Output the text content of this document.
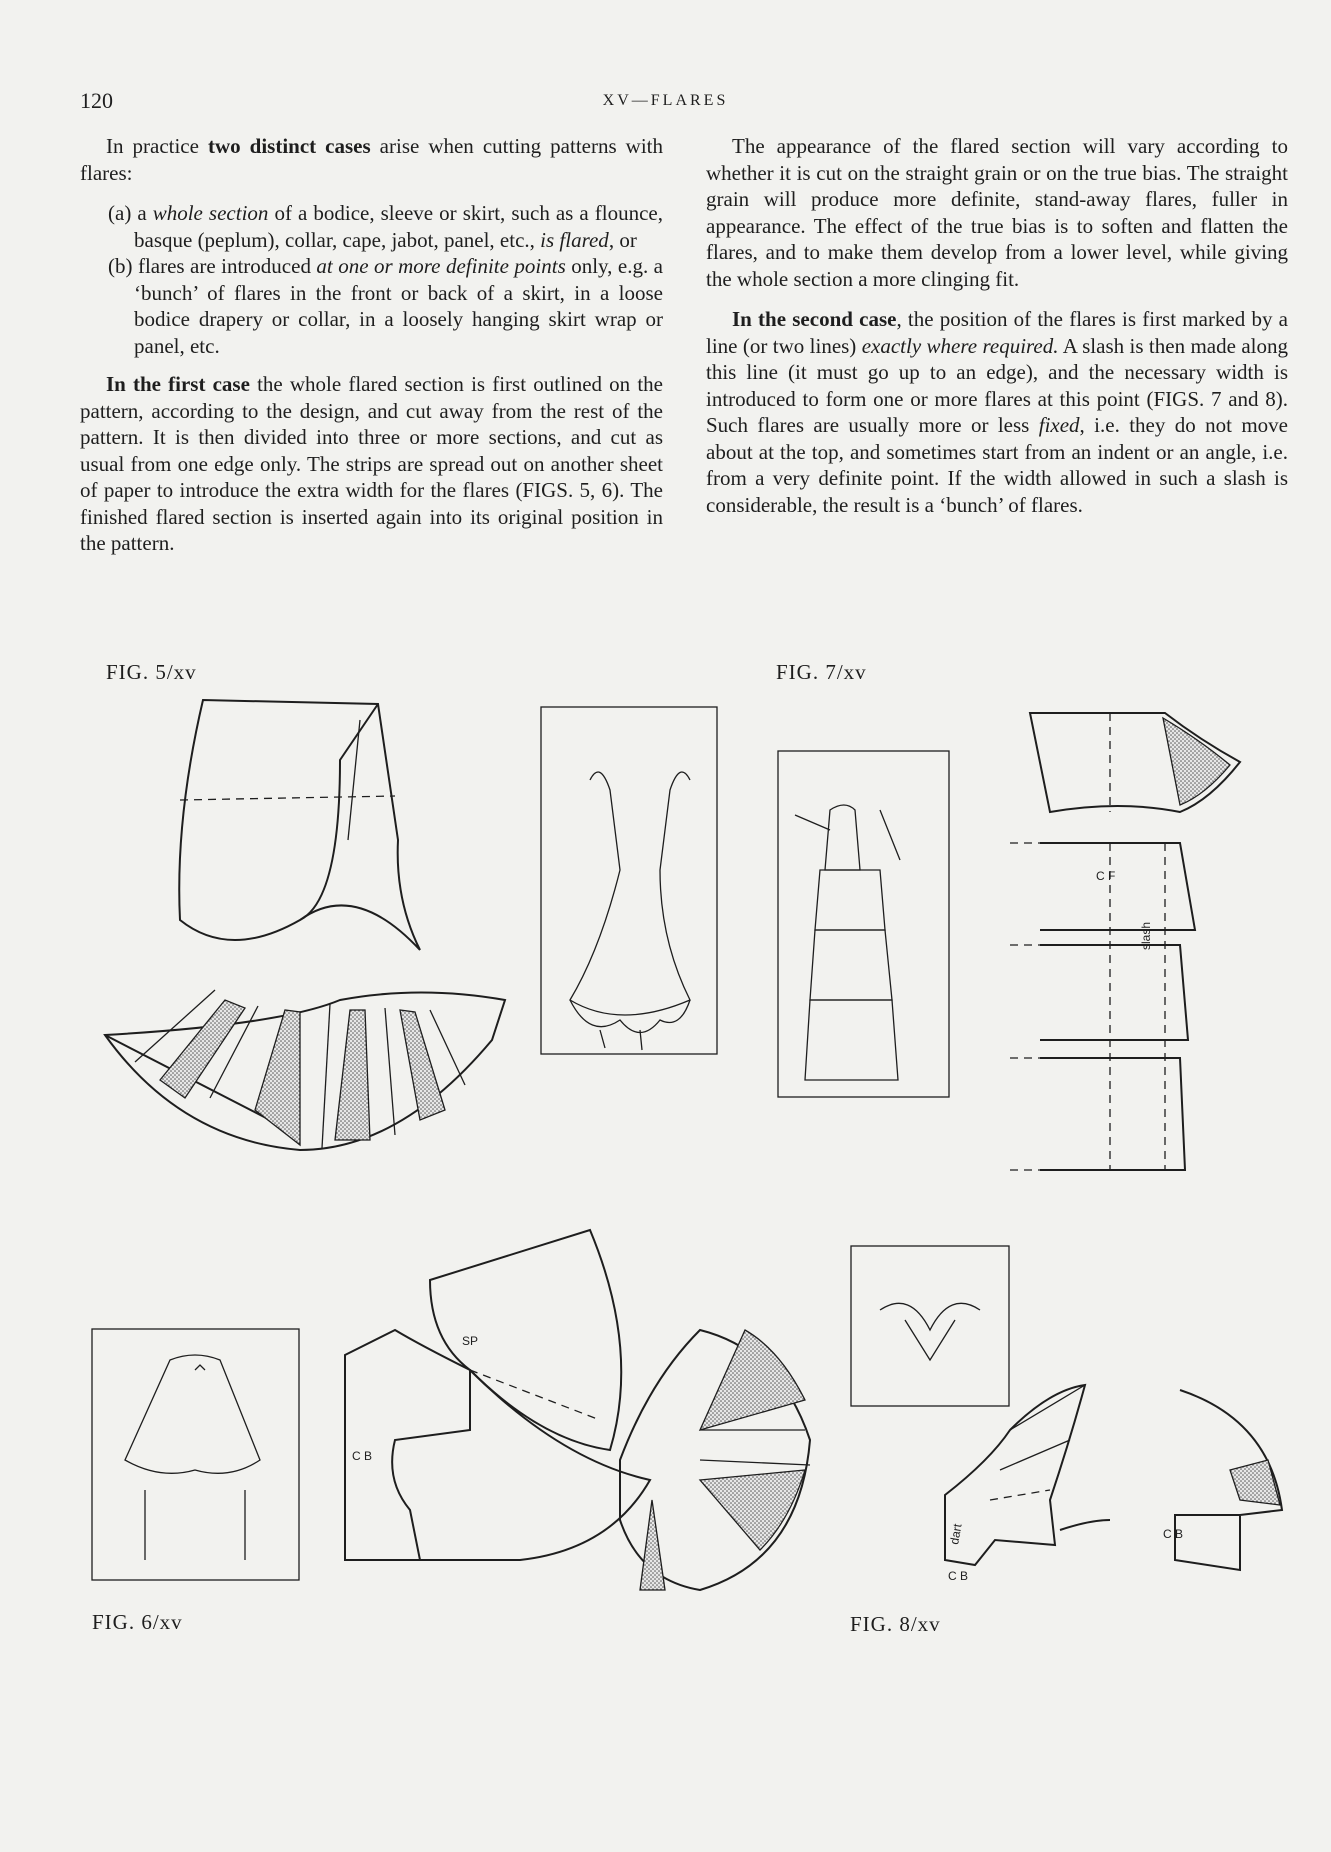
120	XV—FLARES

In practice two distinct cases arise when cutting patterns with flares:

(a) a whole section of a bodice, sleeve or skirt, such as a flounce, basque (peplum), collar, cape, jabot, panel, etc., is flared, or

(b) flares are introduced at one or more definite points only, e.g. a ‘bunch’ of flares in the front or back of a skirt, in a loose bodice drapery or collar, in a loosely hanging skirt wrap or panel, etc.

In the first case the whole flared section is first outlined on the pattern, according to the design, and cut away from the rest of the pattern. It is then divided into three or more sections, and cut as usual from one edge only. The strips are spread out on another sheet of paper to introduce the extra width for the flares (FIGS. 5, 6). The finished flared section is inserted again into its original position in the pattern.

The appearance of the flared section will vary according to whether it is cut on the straight grain or on the true bias. The straight grain will produce more definite, stand-away flares, fuller in appearance. The effect of the true bias is to soften and flatten the flares, and to make them develop from a lower level, while giving the whole section a more clinging fit.

In the second case, the position of the flares is first marked by a line (or two lines) exactly where required. A slash is then made along this line (it must go up to an edge), and the necessary width is introduced to form one or more flares at this point (FIGS. 7 and 8). Such flares are usually more or less fixed, i.e. they do not move about at the top, and sometimes start from an indent or an angle, i.e. from a very definite point. If the width allowed in such a slash is considerable, the result is a ‘bunch’ of flares.

FIG. 5/xv	FIG. 7/xv
FIG. 6/xv	FIG. 8/xv
C F
slash
SP
C B
dart
C B
C B
